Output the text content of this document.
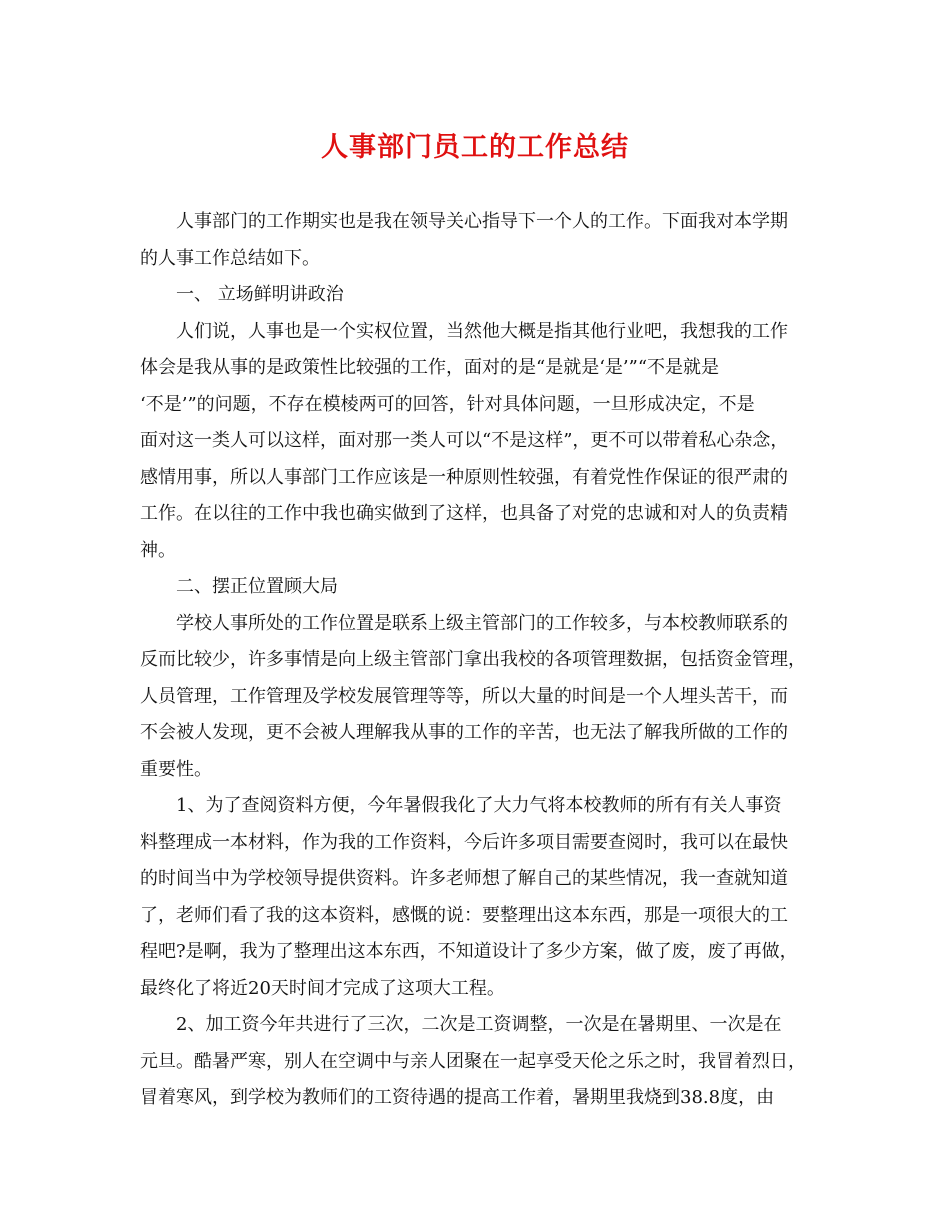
人事部门员工的工作总结
人事部门的工作期实也是我在领导关心指导下一个人的工作。下面我对本学期
的人事工作总结如下。
一、 立场鲜明讲政治
人们说，人事也是一个实权位置，当然他大概是指其他行业吧，我想我的工作
体会是我从事的是政策性比较强的工作，面对的是“是就是‘是’”“不是就是
‘不是’”的问题，不存在模棱两可的回答，针对具体问题，一旦形成决定，不是
面对这一类人可以这样，面对那一类人可以“不是这样”，更不可以带着私心杂念，
感情用事，所以人事部门工作应该是一种原则性较强，有着党性作保证的很严肃的
工作。在以往的工作中我也确实做到了这样，也具备了对党的忠诚和对人的负责精
神。
二、摆正位置顾大局
学校人事所处的工作位置是联系上级主管部门的工作较多，与本校教师联系的
反而比较少，许多事情是向上级主管部门拿出我校的各项管理数据，包括资金管理，
人员管理，工作管理及学校发展管理等等，所以大量的时间是一个人埋头苦干，而
不会被人发现，更不会被人理解我从事的工作的辛苦，也无法了解我所做的工作的
重要性。
1、为了查阅资料方便，今年暑假我化了大力气将本校教师的所有有关人事资
料整理成一本材料，作为我的工作资料，今后许多项目需要查阅时，我可以在最快
的时间当中为学校领导提供资料。许多老师想了解自己的某些情况，我一查就知道
了，老师们看了我的这本资料，感慨的说：要整理出这本东西，那是一项很大的工
程吧?是啊，我为了整理出这本东西，不知道设计了多少方案，做了废，废了再做，
最终化了将近20天时间才完成了这项大工程。
2、加工资今年共进行了三次，二次是工资调整，一次是在暑期里、一次是在
元旦。酷暑严寒，别人在空调中与亲人团聚在一起享受天伦之乐之时，我冒着烈日，
冒着寒风，到学校为教师们的工资待遇的提高工作着，暑期里我烧到38.8度，由
